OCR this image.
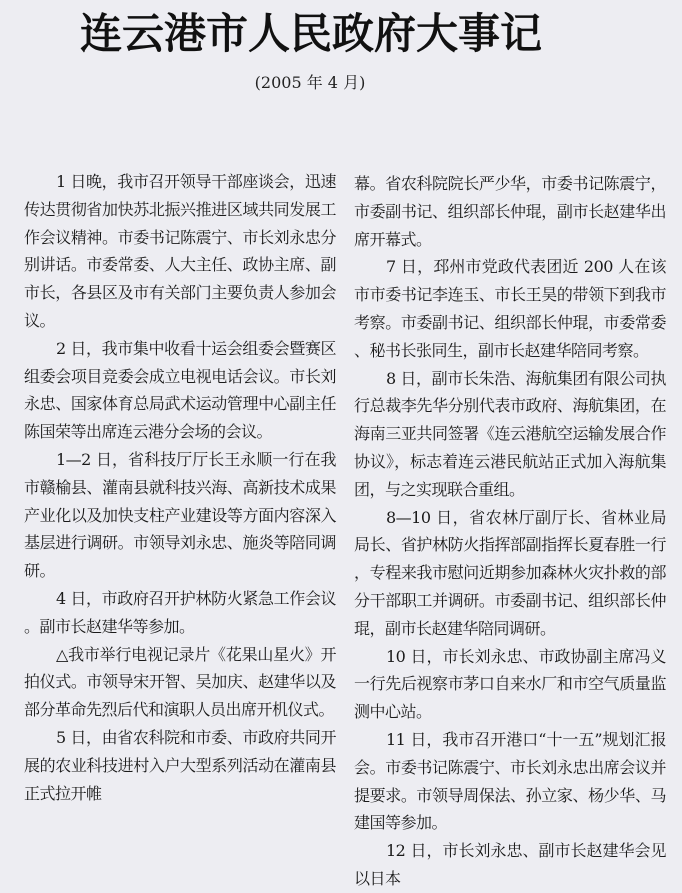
连云港市人民政府大事记
(2005 年 4 月)

1 日晚，我市召开领导干部座谈会，迅速传达贯彻省加快苏北振兴推进区域共同发展工作会议精神。市委书记陈震宁、市长刘永忠分别讲话。市委常委、人大主任、政协主席、副市长，各县区及市有关部门主要负责人参加会议。

2 日，我市集中收看十运会组委会暨赛区组委会项目竞委会成立电视电话会议。市长刘永忠、国家体育总局武术运动管理中心副主任陈国荣等出席连云港分会场的会议。

1—2 日，省科技厅厅长王永顺一行在我市赣榆县、灌南县就科技兴海、高新技术成果产业化以及加快支柱产业建设等方面内容深入基层进行调研。市领导刘永忠、施炎等陪同调研。

4 日，市政府召开护林防火紧急工作会议。副市长赵建华等参加。

△我市举行电视记录片《花果山星火》开拍仪式。市领导宋开智、吴加庆、赵建华以及部分革命先烈后代和演职人员出席开机仪式。

5 日，由省农科院和市委、市政府共同开展的农业科技进村入户大型系列活动在灌南县正式拉开帷

幕。省农科院院长严少华，市委书记陈震宁，市委副书记、组织部长仲琨，副市长赵建华出席开幕式。

7 日，邳州市党政代表团近 200 人在该市市委书记李连玉、市长王昊的带领下到我市考察。市委副书记、组织部长仲琨，市委常委、秘书长张同生，副市长赵建华陪同考察。

8 日，副市长朱浩、海航集团有限公司执行总裁李先华分别代表市政府、海航集团，在海南三亚共同签署《连云港航空运输发展合作协议》，标志着连云港民航站正式加入海航集团，与之实现联合重组。

8—10 日，省农林厅副厅长、省林业局局长、省护林防火指挥部副指挥长夏春胜一行，专程来我市慰问近期参加森林火灾扑救的部分干部职工并调研。市委副书记、组织部长仲琨，副市长赵建华陪同调研。

10 日，市长刘永忠、市政协副主席冯义一行先后视察市茅口自来水厂和市空气质量监测中心站。

11 日，我市召开港口“十一五”规划汇报会。市委书记陈震宁、市长刘永忠出席会议并提要求。市领导周保法、孙立家、杨少华、马建国等参加。

12 日，市长刘永忠、副市长赵建华会见以日本
